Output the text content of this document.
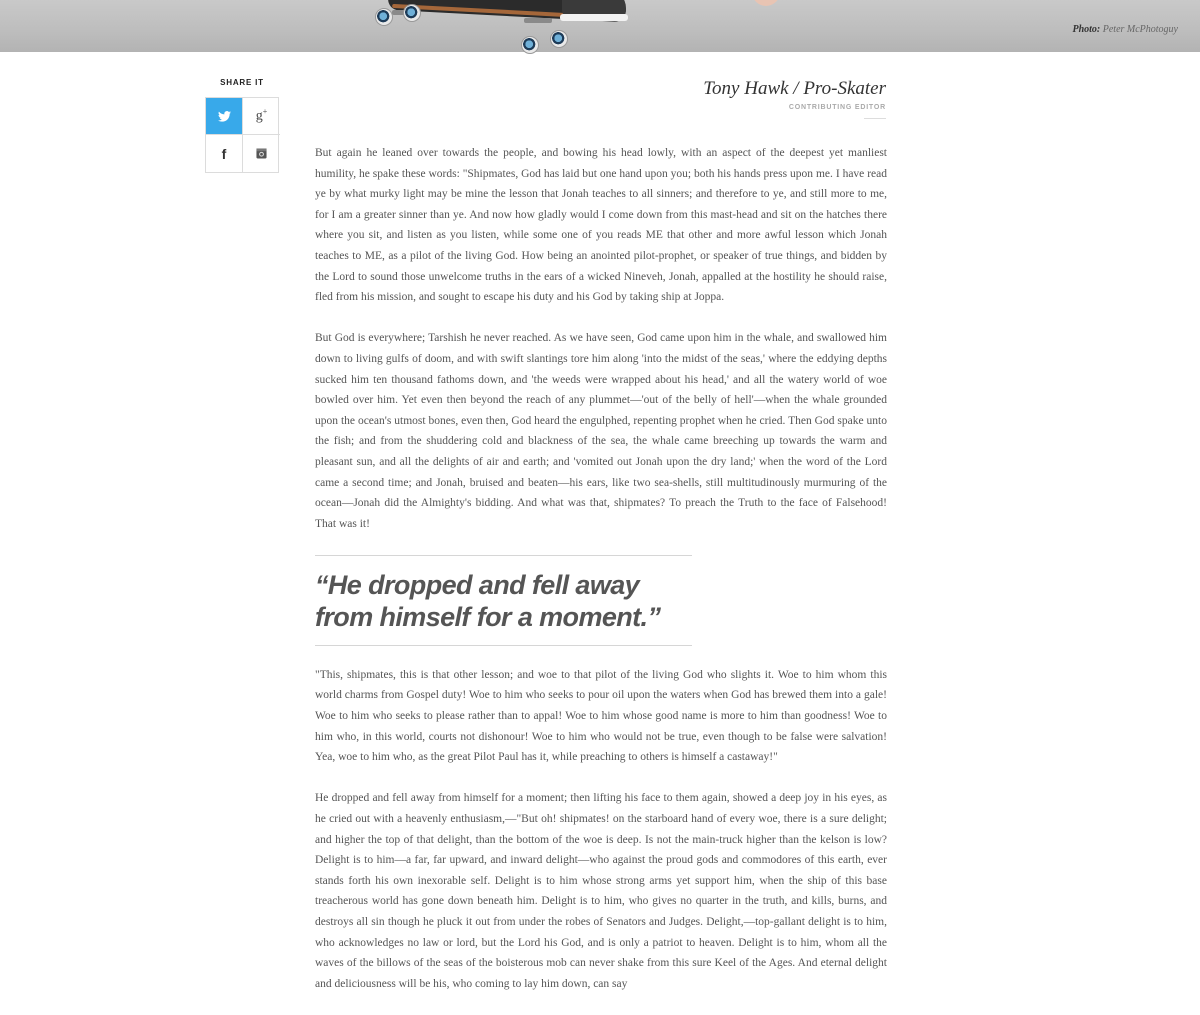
Photo: Peter McPhotoguy
SHARE IT
g+
f
Tony Hawk / Pro-Skater
CONTRIBUTING EDITOR

But again he leaned over towards the people, and bowing his head lowly, with an aspect of the deepest yet manliest humility, he spake these words: "Shipmates, God has laid but one hand upon you; both his hands press upon me. I have read ye by what murky light may be mine the lesson that Jonah teaches to all sinners; and therefore to ye, and still more to me, for I am a greater sinner than ye. And now how gladly would I come down from this mast-head and sit on the hatches there where you sit, and listen as you listen, while some one of you reads ME that other and more awful lesson which Jonah teaches to ME, as a pilot of the living God. How being an anointed pilot-prophet, or speaker of true things, and bidden by the Lord to sound those unwelcome truths in the ears of a wicked Nineveh, Jonah, appalled at the hostility he should raise, fled from his mission, and sought to escape his duty and his God by taking ship at Joppa.

But God is everywhere; Tarshish he never reached. As we have seen, God came upon him in the whale, and swallowed him down to living gulfs of doom, and with swift slantings tore him along 'into the midst of the seas,' where the eddying depths sucked him ten thousand fathoms down, and 'the weeds were wrapped about his head,' and all the watery world of woe bowled over him. Yet even then beyond the reach of any plummet—'out of the belly of hell'—when the whale grounded upon the ocean's utmost bones, even then, God heard the engulphed, repenting prophet when he cried. Then God spake unto the fish; and from the shuddering cold and blackness of the sea, the whale came breeching up towards the warm and pleasant sun, and all the delights of air and earth; and 'vomited out Jonah upon the dry land;' when the word of the Lord came a second time; and Jonah, bruised and beaten—his ears, like two sea-shells, still multitudinously murmuring of the ocean—Jonah did the Almighty's bidding. And what was that, shipmates? To preach the Truth to the face of Falsehood! That was it!

“He dropped and fell away from himself for a moment.”

"This, shipmates, this is that other lesson; and woe to that pilot of the living God who slights it. Woe to him whom this world charms from Gospel duty! Woe to him who seeks to pour oil upon the waters when God has brewed them into a gale! Woe to him who seeks to please rather than to appal! Woe to him whose good name is more to him than goodness! Woe to him who, in this world, courts not dishonour! Woe to him who would not be true, even though to be false were salvation! Yea, woe to him who, as the great Pilot Paul has it, while preaching to others is himself a castaway!"

He dropped and fell away from himself for a moment; then lifting his face to them again, showed a deep joy in his eyes, as he cried out with a heavenly enthusiasm,—"But oh! shipmates! on the starboard hand of every woe, there is a sure delight; and higher the top of that delight, than the bottom of the woe is deep. Is not the main-truck higher than the kelson is low? Delight is to him—a far, far upward, and inward delight—who against the proud gods and commodores of this earth, ever stands forth his own inexorable self. Delight is to him whose strong arms yet support him, when the ship of this base treacherous world has gone down beneath him. Delight is to him, who gives no quarter in the truth, and kills, burns, and destroys all sin though he pluck it out from under the robes of Senators and Judges. Delight,—top-gallant delight is to him, who acknowledges no law or lord, but the Lord his God, and is only a patriot to heaven. Delight is to him, whom all the waves of the billows of the seas of the boisterous mob can never shake from this sure Keel of the Ages. And eternal delight and deliciousness will be his, who coming to lay him down, can say
